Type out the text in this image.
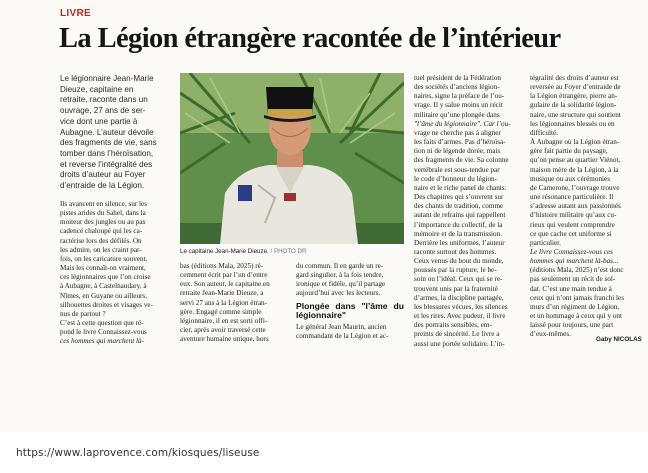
LIVRE
La Légion étrangère racontée de l’intérieur

Le légionnaire Jean-Marie

Dieuze, capitaine en

retraite, raconte dans un

ouvrage, 27 ans de ser-

vice dont une partie à

Aubagne. L’auteur dévoile

des fragments de vie, sans

tomber dans l’héroïsation,

et reverse l’intégralité des

droits d’auteur au Foyer

d’entraide de la Légion.

Le capitaine Jean-Marie Dieuze. / PHOTO DR

Ils avancent en silence, sur les

pistes arides du Sahel, dans la

moiteur des jungles ou au pas

cadencé chaloupé qui les ca-

ractérise lors des défilés. On

les admire, on les craint par-

fois, on les caricature souvent.

Mais les connaît-on vraiment,

ces légionnaires que l’on croise

à Aubagne, à Castelnaudary, à

Nîmes, en Guyane ou ailleurs,

silhouettes droites et visages ve-

nus de partout ?

C’est à cette question que ré-

pond le livre Connaissez-vous

ces hommes qui marchent là-

bas (éditions Mala, 2025) ré-

cemment écrit par l’un d’entre

eux. Son auteur, le capitaine en

retraite Jean-Marie Dieuze, a

servi 27 ans à la Légion étran-

gère. Engagé comme simple

légionnaire, il en est sorti offi-

cier, après avoir traversé cette

aventure humaine unique, hors

du commun. Il en garde un re-

gard singulier, à la fois tendre,

ironique et fidèle, qu’il partage

aujourd’hui avec les lecteurs.

Plongée dans "l’âme du légionnaire"

Le général Jean Maurin, ancien

commandant de la Légion et ac-

tuel président de la Fédération

des sociétés d’anciens légion-

naires, signe la préface de l’ou-

vrage. Il y salue moins un récit

militaire qu’une plongée dans

"l’âme du légionnaire". Car l’ou-

vrage ne cherche pas à aligner

les faits d’armes. Pas d’héroïsa-

tion ni de légende dorée, mais

des fragments de vie. Sa colonne

vertébrale est sous-tendue par

le code d’honneur du légion-

naire et le riche panel de chants.

Des chapitres qui s’ouvrent sur

des chants de tradition, comme

autant de refrains qui rappellent

l’importance du collectif, de la

mémoire et de la transmission.

Derrière les uniformes, l’auteur

raconte surtout des hommes.

Ceux venus du bout du monde,

poussés par la rupture, le be-

soin ou l’idéal. Ceux qui se re-

trouvent unis par la fraternité

d’armes, la discipline partagée,

les blessures vécues, les silences

et les rires. Avec pudeur, il livre

des portraits sensibles, em-

preints de sincérité. Le livre a

aussi une portée solidaire. L’in-

tégralité des droits d’auteur est

reversée au Foyer d’entraide de

la Légion étrangère, pierre an-

gulaire de la solidarité légion-

naire, une structure qui soutient

les légionnaires blessés ou en

difficulté.

À Aubagne où la Légion étran-

gère fait partie du paysage,

qu’on pense au quartier Viénot,

maison mère de la Légion, à la

musique ou aux cérémonies

de Camerone, l’ouvrage trouve

une résonance particulière. Il

s’adresse autant aux passionnés

d’histoire militaire qu’aux cu-

rieux qui veulent comprendre

ce que cache cet uniforme si

particulier.

Le livre Connaissez-vous ces

hommes qui marchent là-bas...

(éditions Mala, 2025) n’est donc

pas seulement un récit de sol-

dat. C’est une main tendue à

ceux qui n’ont jamais franchi les

murs d’un régiment de Légion,

et un hommage à ceux qui y ont

laissé pour toujours, une part

d’eux-mêmes.

Gaby NICOLAS
https://www.laprovence.com/kiosques/liseuse
